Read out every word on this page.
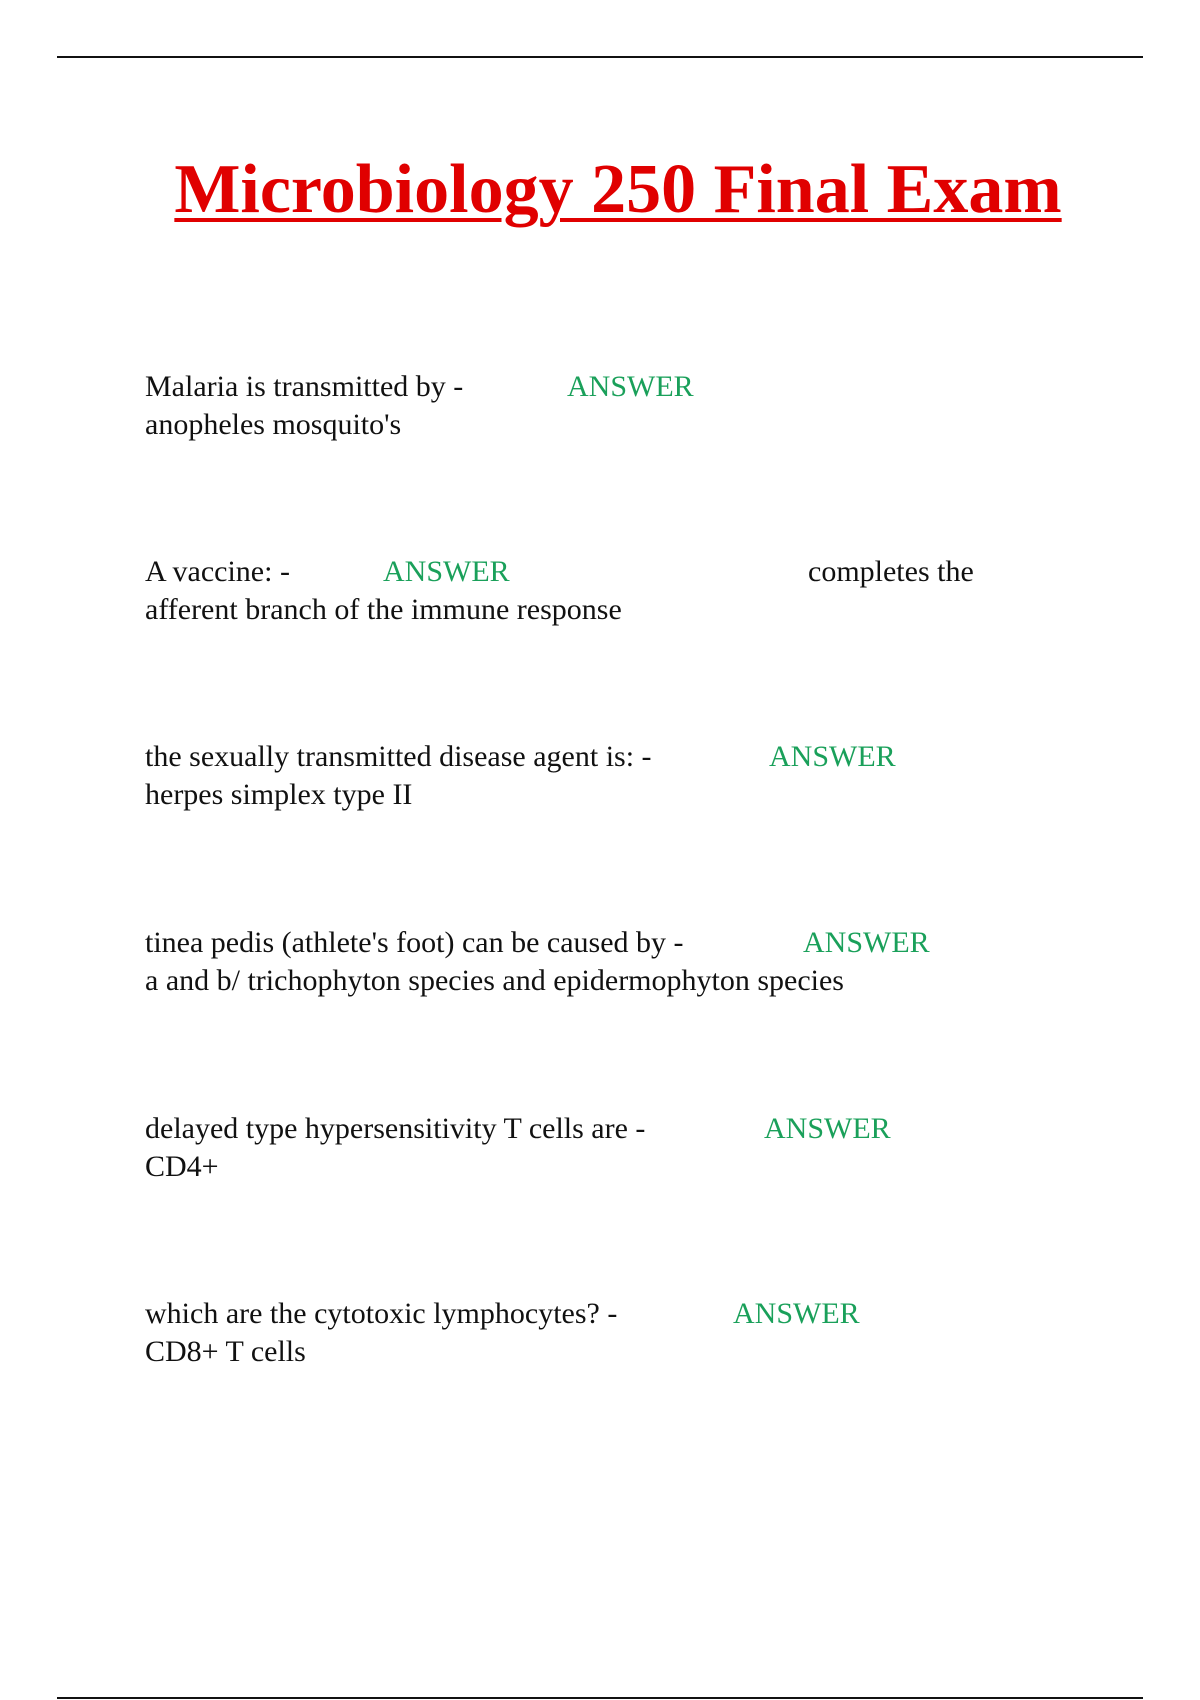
Microbiology 250 Final Exam
Malaria is transmitted by -	ANSWER
anopheles mosquito's
A vaccine: -	ANSWER	completes the
afferent branch of the immune response
the sexually transmitted disease agent is: -	ANSWER
herpes simplex type II
tinea pedis (athlete's foot) can be caused by -	ANSWER
a and b/ trichophyton species and epidermophyton species
delayed type hypersensitivity T cells are -	ANSWER
CD4+
which are the cytotoxic lymphocytes? -	ANSWER
CD8+ T cells
